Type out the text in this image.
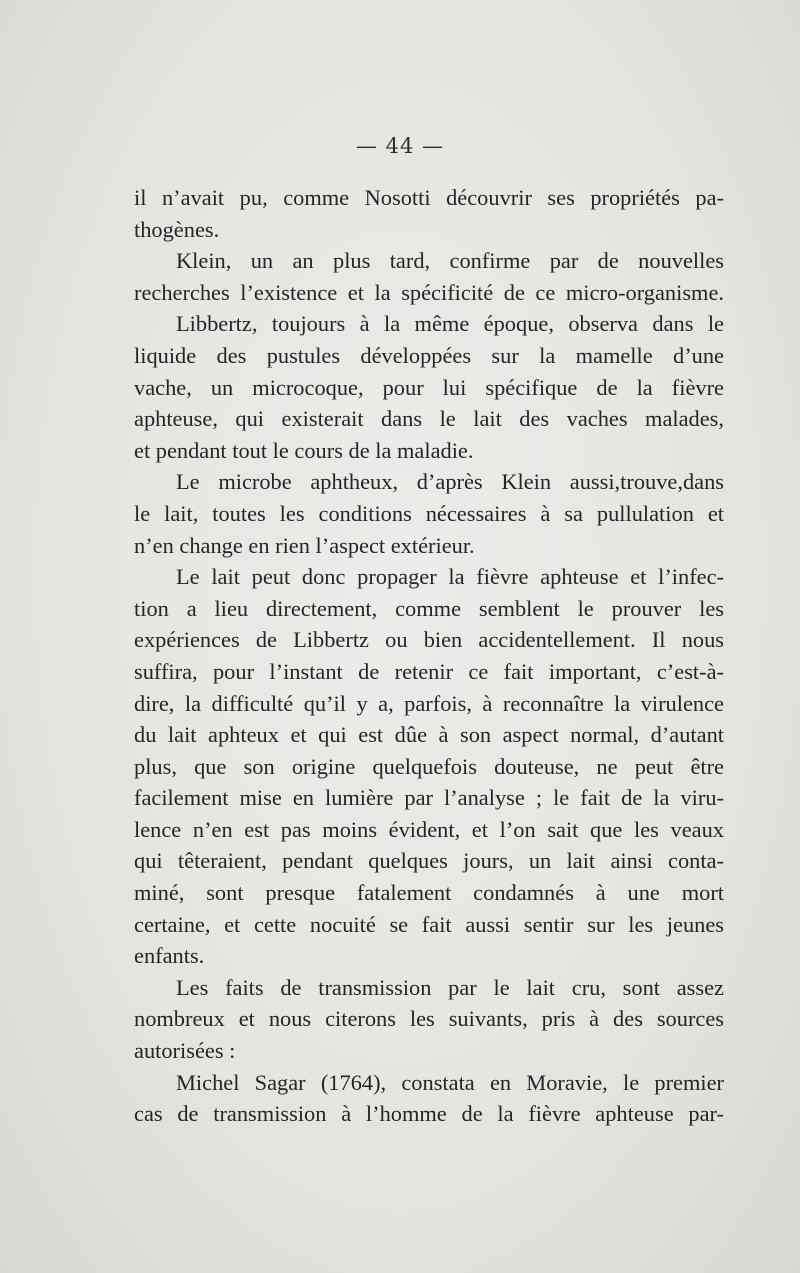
— 44 —
il n’avait pu, comme Nosotti découvrir ses propriétés pa-
thogènes.
Klein, un an plus tard, confirme par de nouvelles
recherches l’existence et la spécificité de ce micro-organisme.
Libbertz, toujours à la même époque, observa dans le
liquide des pustules développées sur la mamelle d’une
vache, un microcoque, pour lui spécifique de la fièvre
aphteuse, qui existerait dans le lait des vaches malades,
et pendant tout le cours de la maladie.
Le microbe aphtheux, d’après Klein aussi,trouve,dans
le lait, toutes les conditions nécessaires à sa pullulation et
n’en change en rien l’aspect extérieur.
Le lait peut donc propager la fièvre aphteuse et l’infec-
tion a lieu directement, comme semblent le prouver les
expériences de Libbertz ou bien accidentellement. Il nous
suffira, pour l’instant de retenir ce fait important, c’est-à-
dire, la difficulté qu’il y a, parfois, à reconnaître la virulence
du lait aphteux et qui est dûe à son aspect normal, d’autant
plus, que son origine quelquefois douteuse, ne peut être
facilement mise en lumière par l’analyse ; le fait de la viru-
lence n’en est pas moins évident, et l’on sait que les veaux
qui têteraient, pendant quelques jours, un lait ainsi conta-
miné, sont presque fatalement condamnés à une mort
certaine, et cette nocuité se fait aussi sentir sur les jeunes
enfants.
Les faits de transmission par le lait cru, sont assez
nombreux et nous citerons les suivants, pris à des sources
autorisées :
Michel Sagar (1764), constata en Moravie, le premier
cas de transmission à l’homme de la fièvre aphteuse par-
